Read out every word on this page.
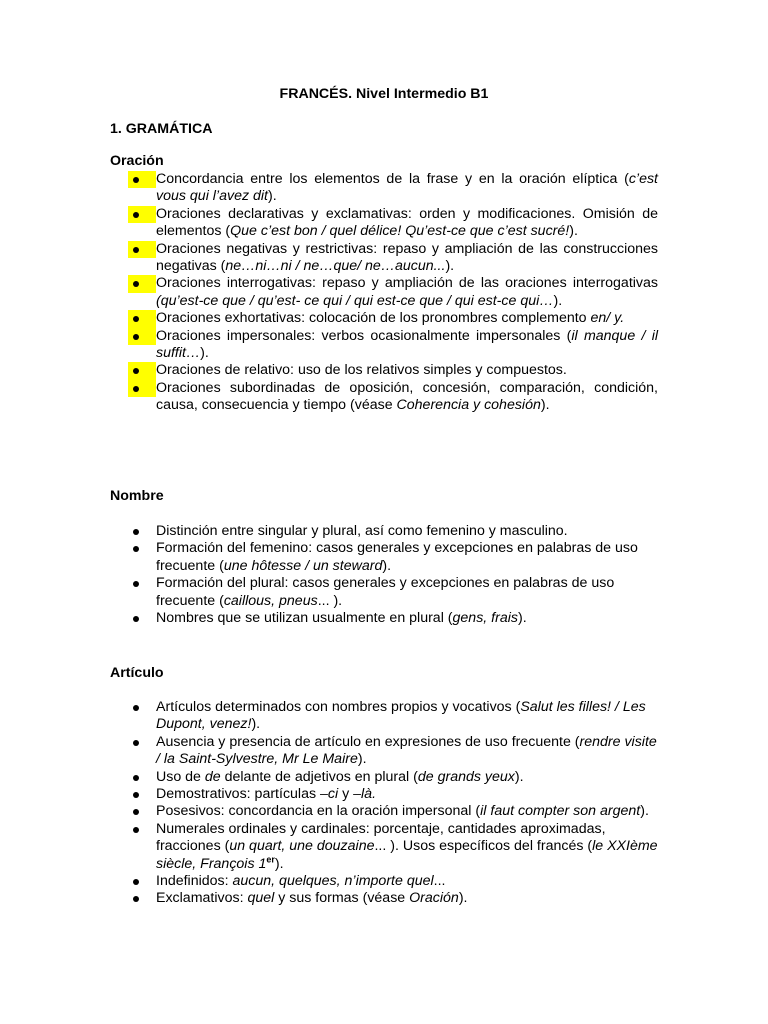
FRANCÉS. Nivel Intermedio B1
1. GRAMÁTICA
Oración
Concordancia entre los elementos de la frase y en la oración elíptica (c’est vous qui l’avez dit).
Oraciones declarativas y exclamativas: orden y modificaciones. Omisión de elementos (Que c’est bon / quel délice! Qu’est-ce que c’est sucré!).
Oraciones negativas y restrictivas: repaso y ampliación de las construcciones negativas (ne…ni…ni / ne…que/ ne…aucun...).
Oraciones interrogativas: repaso y ampliación de las oraciones interrogativas (qu’est-ce que / qu’est- ce qui / qui est-ce que / qui est-ce qui…).
Oraciones exhortativas: colocación de los pronombres complemento en/ y.
Oraciones impersonales: verbos ocasionalmente impersonales (il manque / il suffit…).
Oraciones de relativo: uso de los relativos simples y compuestos.
Oraciones subordinadas de oposición, concesión, comparación, condición, causa, consecuencia y tiempo (véase Coherencia y cohesión).
Nombre
Distinción entre singular y plural, así como femenino y masculino.
Formación del femenino: casos generales y excepciones en palabras de uso frecuente (une hôtesse / un steward).
Formación del plural: casos generales y excepciones en palabras de uso frecuente (caillous, pneus... ).
Nombres que se utilizan usualmente en plural (gens, frais).
Artículo
Artículos determinados con nombres propios y vocativos (Salut les filles! / Les Dupont, venez!).
Ausencia y presencia de artículo en expresiones de uso frecuente (rendre visite / la Saint-Sylvestre, Mr Le Maire).
Uso de de delante de adjetivos en plural (de grands yeux).
Demostrativos: partículas –ci y –là.
Posesivos: concordancia en la oración impersonal (il faut compter son argent).
Numerales ordinales y cardinales: porcentaje, cantidades aproximadas, fracciones (un quart, une douzaine... ). Usos específicos del francés (le XXIème siècle, François 1er).
Indefinidos: aucun, quelques, n’importe quel...
Exclamativos: quel y sus formas (véase Oración).
